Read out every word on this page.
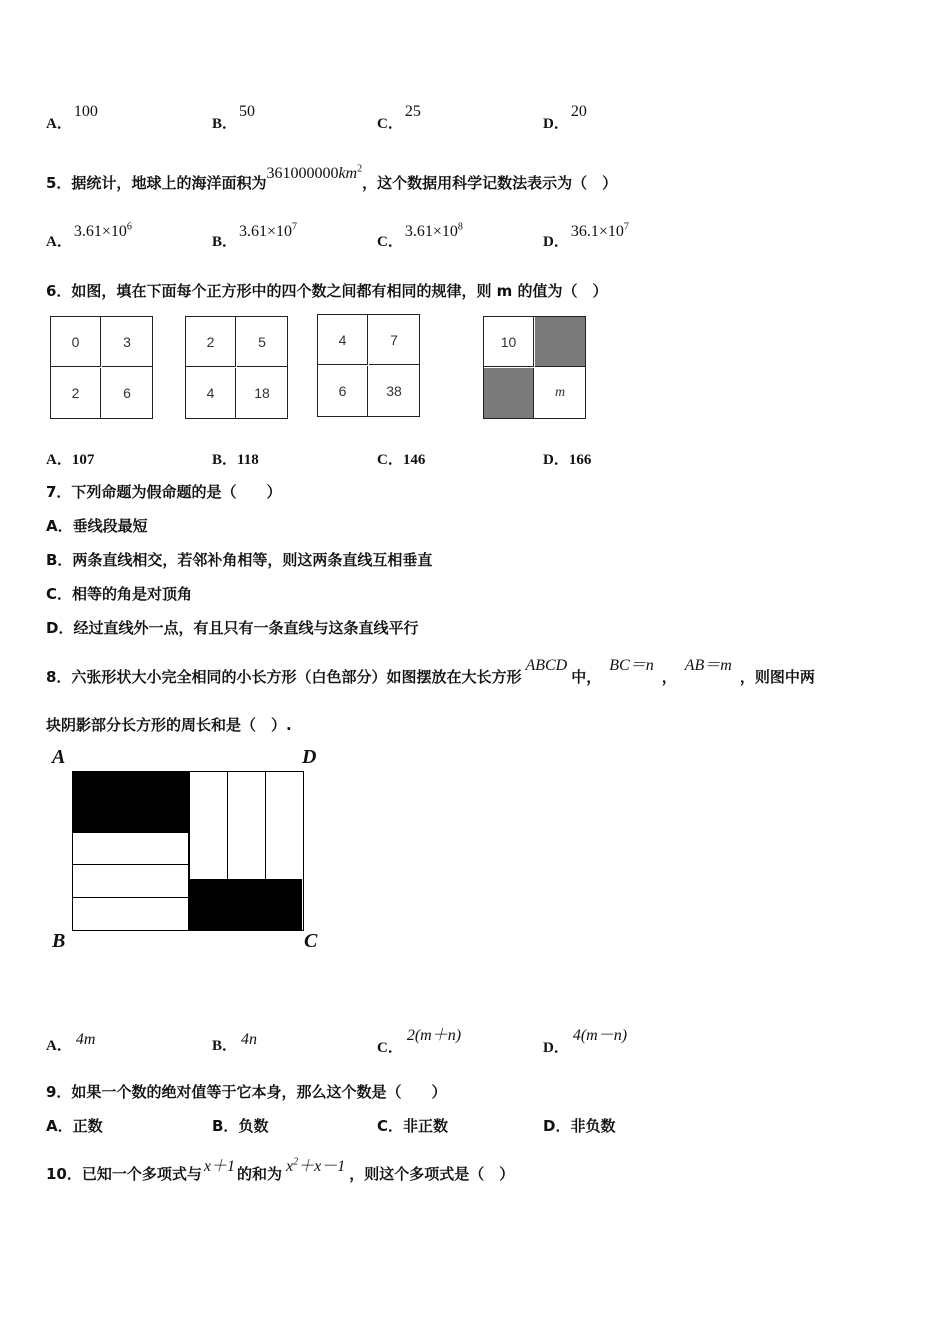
A．100
B．50
C．25
D．20
5．据统计，地球上的海洋面积为$361000000km^2$，这个数据用科学记数法表示为（　）
A．$3.61\times 10^6$
B．$3.61\times 10^7$
C．$3.61\times 10^8$
D．$36.1\times 10^7$
6．如图，填在下面每个正方形中的四个数之间都有相同的规律，则 m 的值为（　）
0	3
2	6
2	5
4	18
4	7
6	38
10
m
A．107	B．118	C．146	D．166
7．下列命题为假命题的是（　　）
A．垂线段最短
B．两条直线相交，若邻补角相等，则这两条直线互相垂直
C．相等的角是对顶角
D．经过直线外一点，有且只有一条直线与这条直线平行
8．六张形状大小完全相同的小长方形（白色部分）如图摆放在大长方形ABCD中，BC＝n，AB＝m，则图中两
块阴影部分长方形的周长和是（　）.
A	D
B	C
A． 4m	B． 4n	C．2(m＋n)
D．4(m－n)
9．如果一个数的绝对值等于它本身，那么这个数是（　　）
A．正数	B．负数	C．非正数	D．非负数
10．已知一个多项式与 x＋1 的和为 $x^2+x-1$ ，则这个多项式是（　）
